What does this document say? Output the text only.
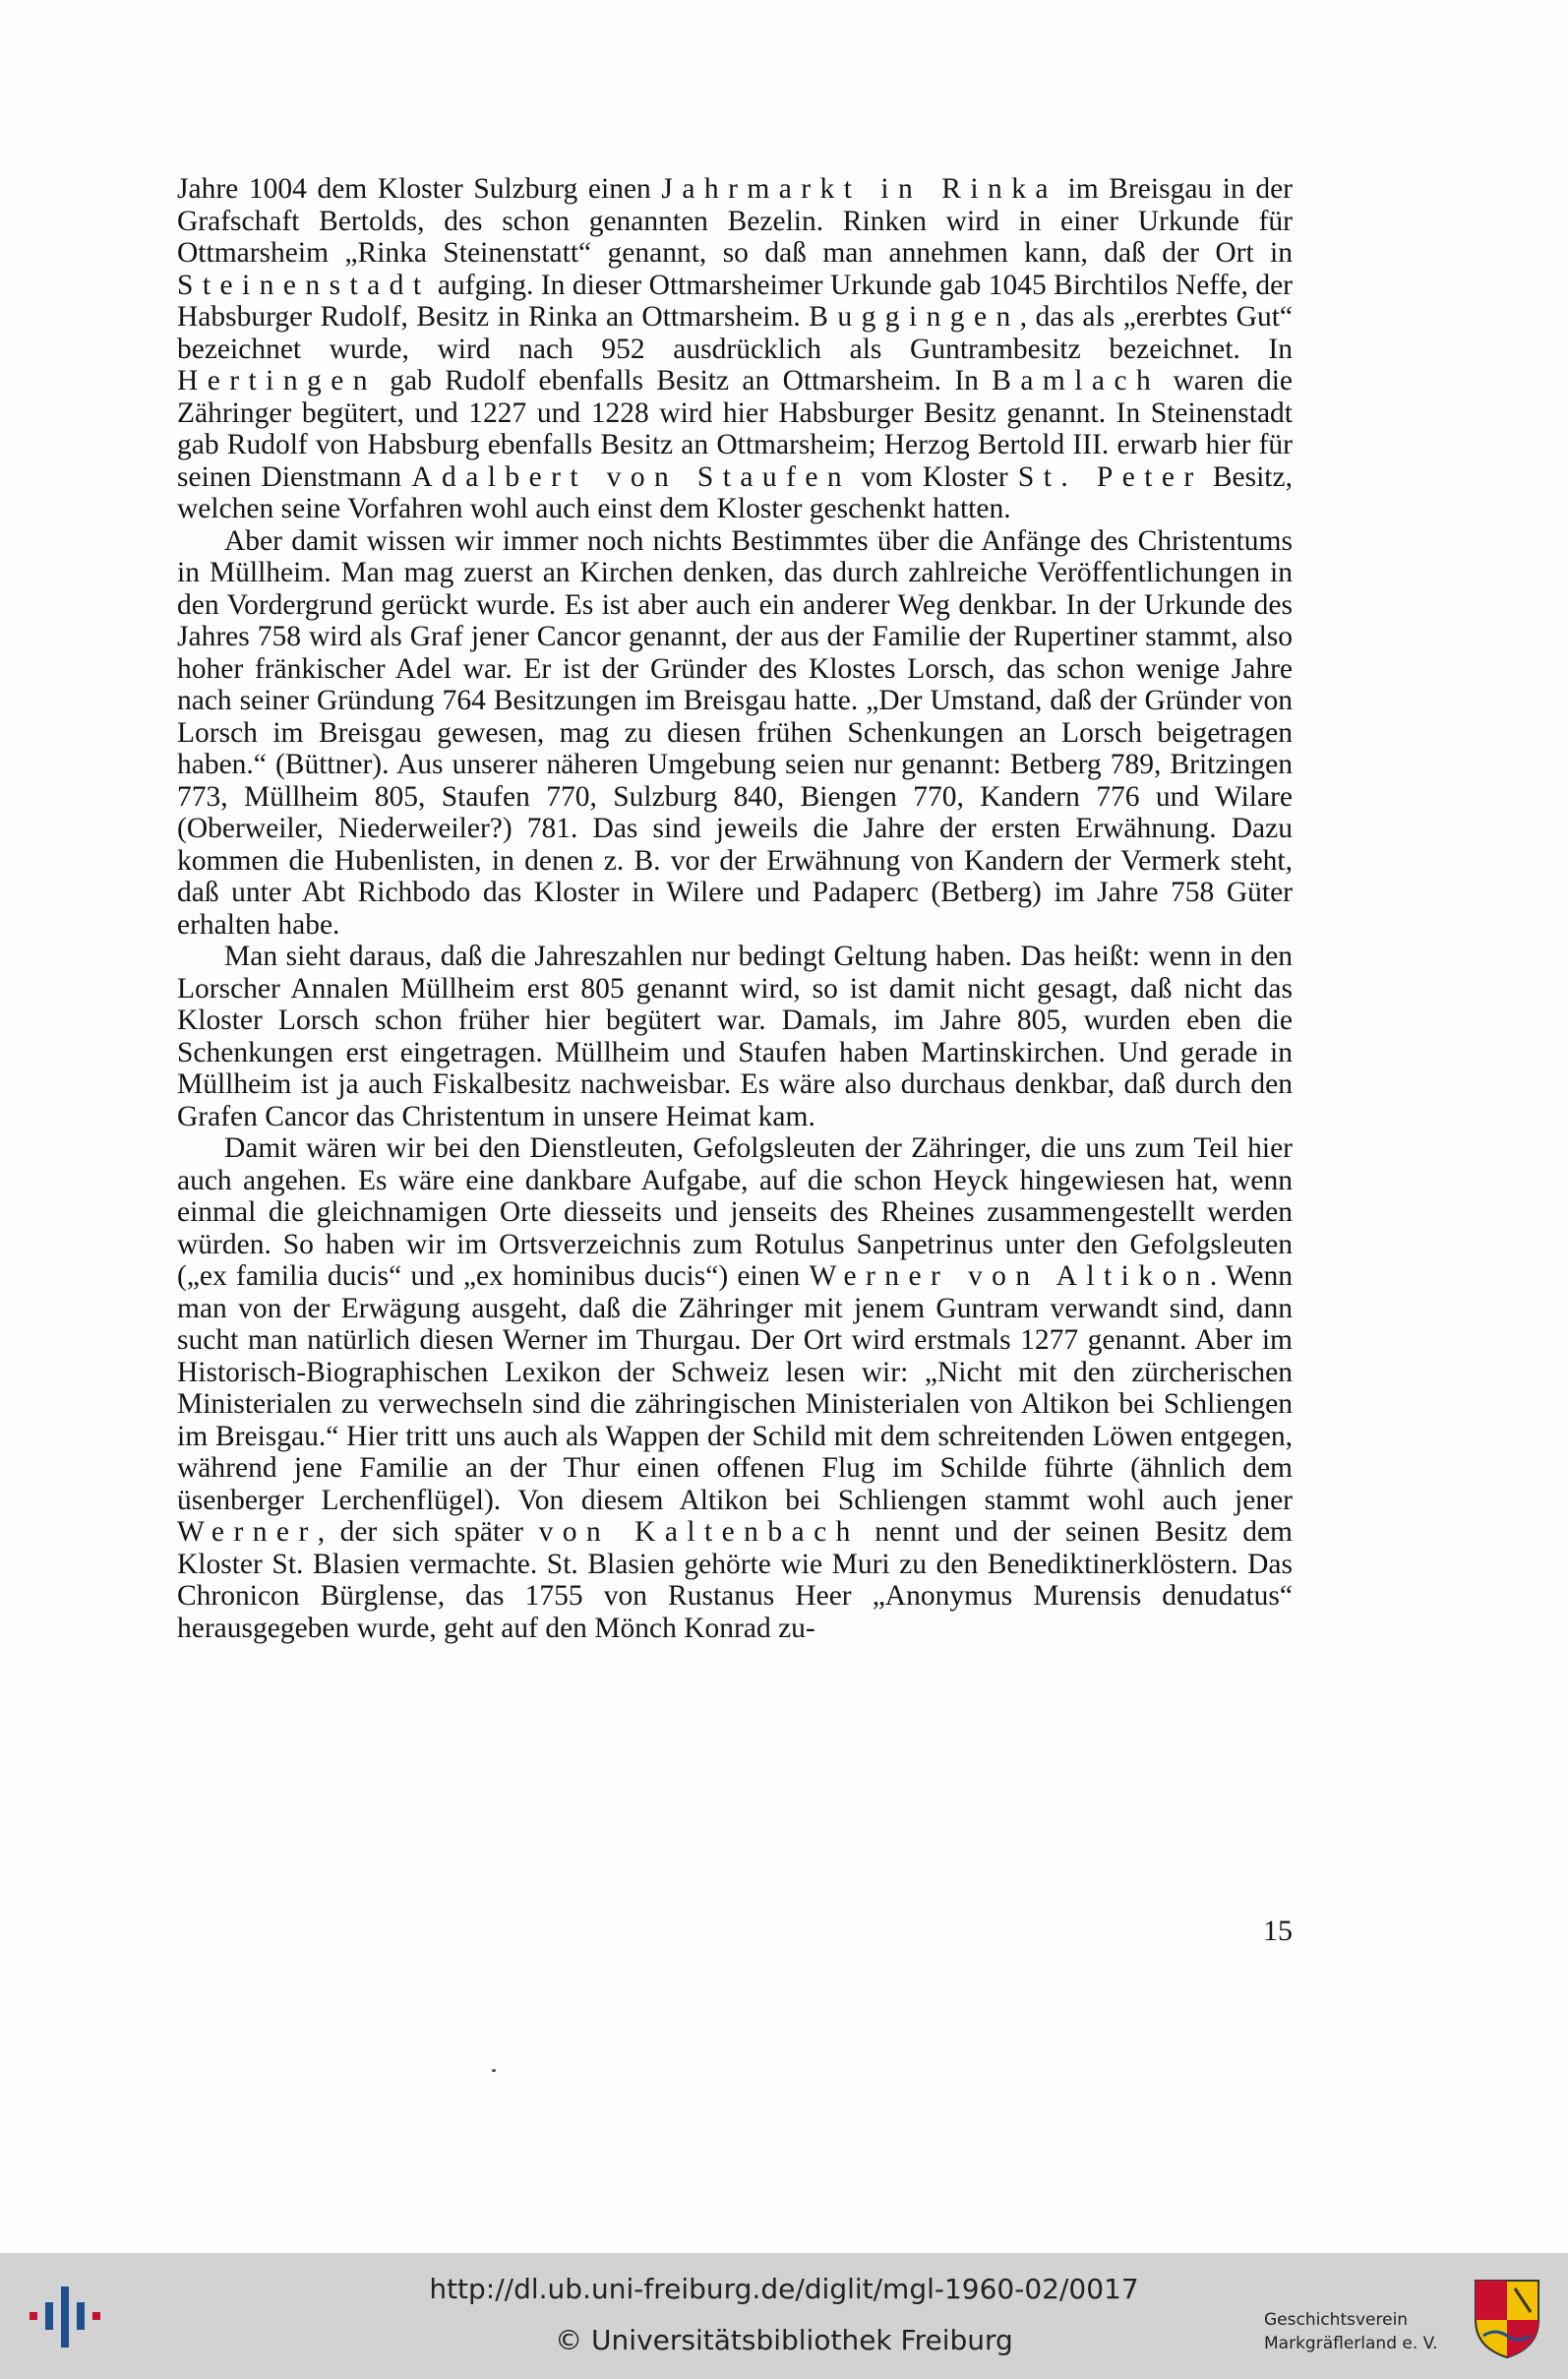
Jahre 1004 dem Kloster Sulzburg einen Jahrmarkt in Rinka im Breisgau in der Grafschaft Bertolds, des schon genannten Bezelin. Rinken wird in einer Urkunde für Ottmarsheim „Rinka Steinenstatt“ genannt, so daß man annehmen kann, daß der Ort in Steinenstadt aufging. In dieser Ottmarsheimer Urkunde gab 1045 Birchtilos Neffe, der Habsburger Rudolf, Besitz in Rinka an Ottmarsheim. Buggingen, das als „ererbtes Gut“ bezeichnet wurde, wird nach 952 ausdrücklich als Guntrambesitz bezeichnet. In Hertingen gab Rudolf ebenfalls Besitz an Ottmarsheim. In Bamlach waren die Zähringer begütert, und 1227 und 1228 wird hier Habsburger Besitz genannt. In Steinenstadt gab Rudolf von Habsburg ebenfalls Besitz an Ottmarsheim; Herzog Bertold III. erwarb hier für seinen Dienstmann Adalbert von Staufen vom Kloster St. Peter Besitz, welchen seine Vorfahren wohl auch einst dem Kloster geschenkt hatten.

Aber damit wissen wir immer noch nichts Bestimmtes über die Anfänge des Christentums in Müllheim. Man mag zuerst an Kirchen denken, das durch zahlreiche Veröffentlichungen in den Vordergrund gerückt wurde. Es ist aber auch ein anderer Weg denkbar. In der Urkunde des Jahres 758 wird als Graf jener Cancor genannt, der aus der Familie der Rupertiner stammt, also hoher fränkischer Adel war. Er ist der Gründer des Klostes Lorsch, das schon wenige Jahre nach seiner Gründung 764 Besitzungen im Breisgau hatte. „Der Umstand, daß der Gründer von Lorsch im Breisgau gewesen, mag zu diesen frühen Schenkungen an Lorsch beigetragen haben.“ (Büttner). Aus unserer näheren Umgebung seien nur genannt: Betberg 789, Britzingen 773, Müllheim 805, Staufen 770, Sulzburg 840, Biengen 770, Kandern 776 und Wilare (Oberweiler, Niederweiler?) 781. Das sind jeweils die Jahre der ersten Erwähnung. Dazu kommen die Hubenlisten, in denen z. B. vor der Erwähnung von Kandern der Vermerk steht, daß unter Abt Richbodo das Kloster in Wilere und Padaperc (Betberg) im Jahre 758 Güter erhalten habe.

Man sieht daraus, daß die Jahreszahlen nur bedingt Geltung haben. Das heißt: wenn in den Lorscher Annalen Müllheim erst 805 genannt wird, so ist damit nicht gesagt, daß nicht das Kloster Lorsch schon früher hier begütert war. Damals, im Jahre 805, wurden eben die Schenkungen erst eingetragen. Müllheim und Staufen haben Martinskirchen. Und gerade in Müllheim ist ja auch Fiskalbesitz nachweisbar. Es wäre also durchaus denkbar, daß durch den Grafen Cancor das Christentum in unsere Heimat kam.

Damit wären wir bei den Dienstleuten, Gefolgsleuten der Zähringer, die uns zum Teil hier auch angehen. Es wäre eine dankbare Aufgabe, auf die schon Heyck hingewiesen hat, wenn einmal die gleichnamigen Orte diesseits und jenseits des Rheines zusammengestellt werden würden. So haben wir im Ortsverzeichnis zum Rotulus Sanpetrinus unter den Gefolgsleuten („ex familia ducis“ und „ex hominibus ducis“) einen Werner von Altikon. Wenn man von der Erwägung ausgeht, daß die Zähringer mit jenem Guntram verwandt sind, dann sucht man natürlich diesen Werner im Thurgau. Der Ort wird erstmals 1277 genannt. Aber im Historisch-Biographischen Lexikon der Schweiz lesen wir: „Nicht mit den zürcherischen Ministerialen zu verwechseln sind die zähringischen Ministerialen von Altikon bei Schliengen im Breisgau.“ Hier tritt uns auch als Wappen der Schild mit dem schreitenden Löwen entgegen, während jene Familie an der Thur einen offenen Flug im Schilde führte (ähnlich dem üsenberger Lerchenflügel). Von diesem Altikon bei Schliengen stammt wohl auch jener Werner, der sich später von Kaltenbach nennt und der seinen Besitz dem Kloster St. Blasien vermachte. St. Blasien gehörte wie Muri zu den Benediktinerklöstern. Das Chronicon Bürglense, das 1755 von Rustanus Heer „Anonymus Murensis denudatus“ herausgegeben wurde, geht auf den Mönch Konrad zu-

15
http://dl.ub.uni-freiburg.de/diglit/mgl-1960-02/0017
© Universitätsbibliothek Freiburg
Geschichtsverein
Markgräflerland e. V.
